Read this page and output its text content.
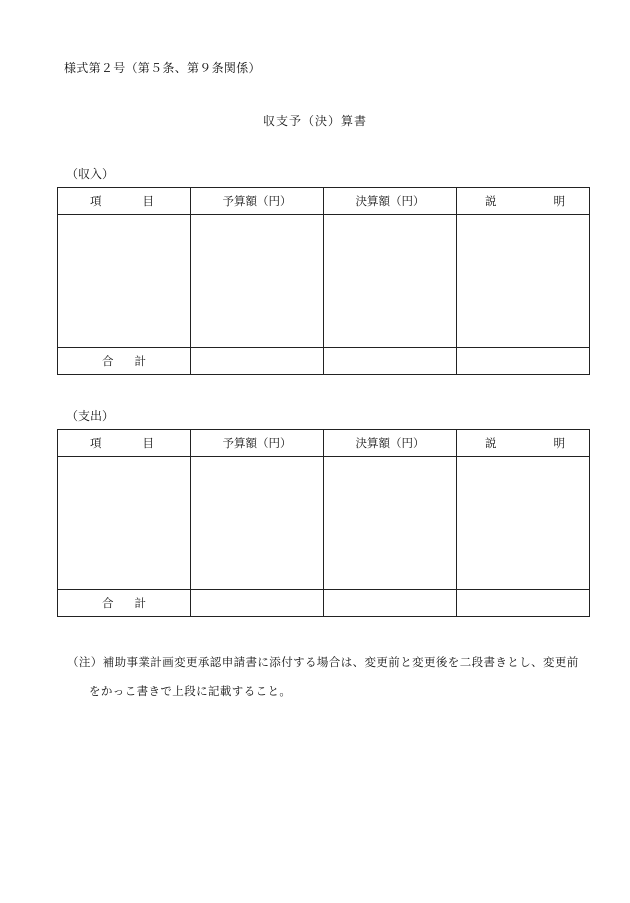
様式第２号（第５条、第９条関係）
収支予（決）算書
（収入）
項 目	予算額（円）	決算額（円）	説 明

合 計			

（支出）
項 目	予算額（円）	決算額（円）	説 明

合 計			

（注）補助事業計画変更承認申請書に添付する場合は、変更前と変更後を二段書きとし、変更前
をかっこ書きで上段に記載すること。
